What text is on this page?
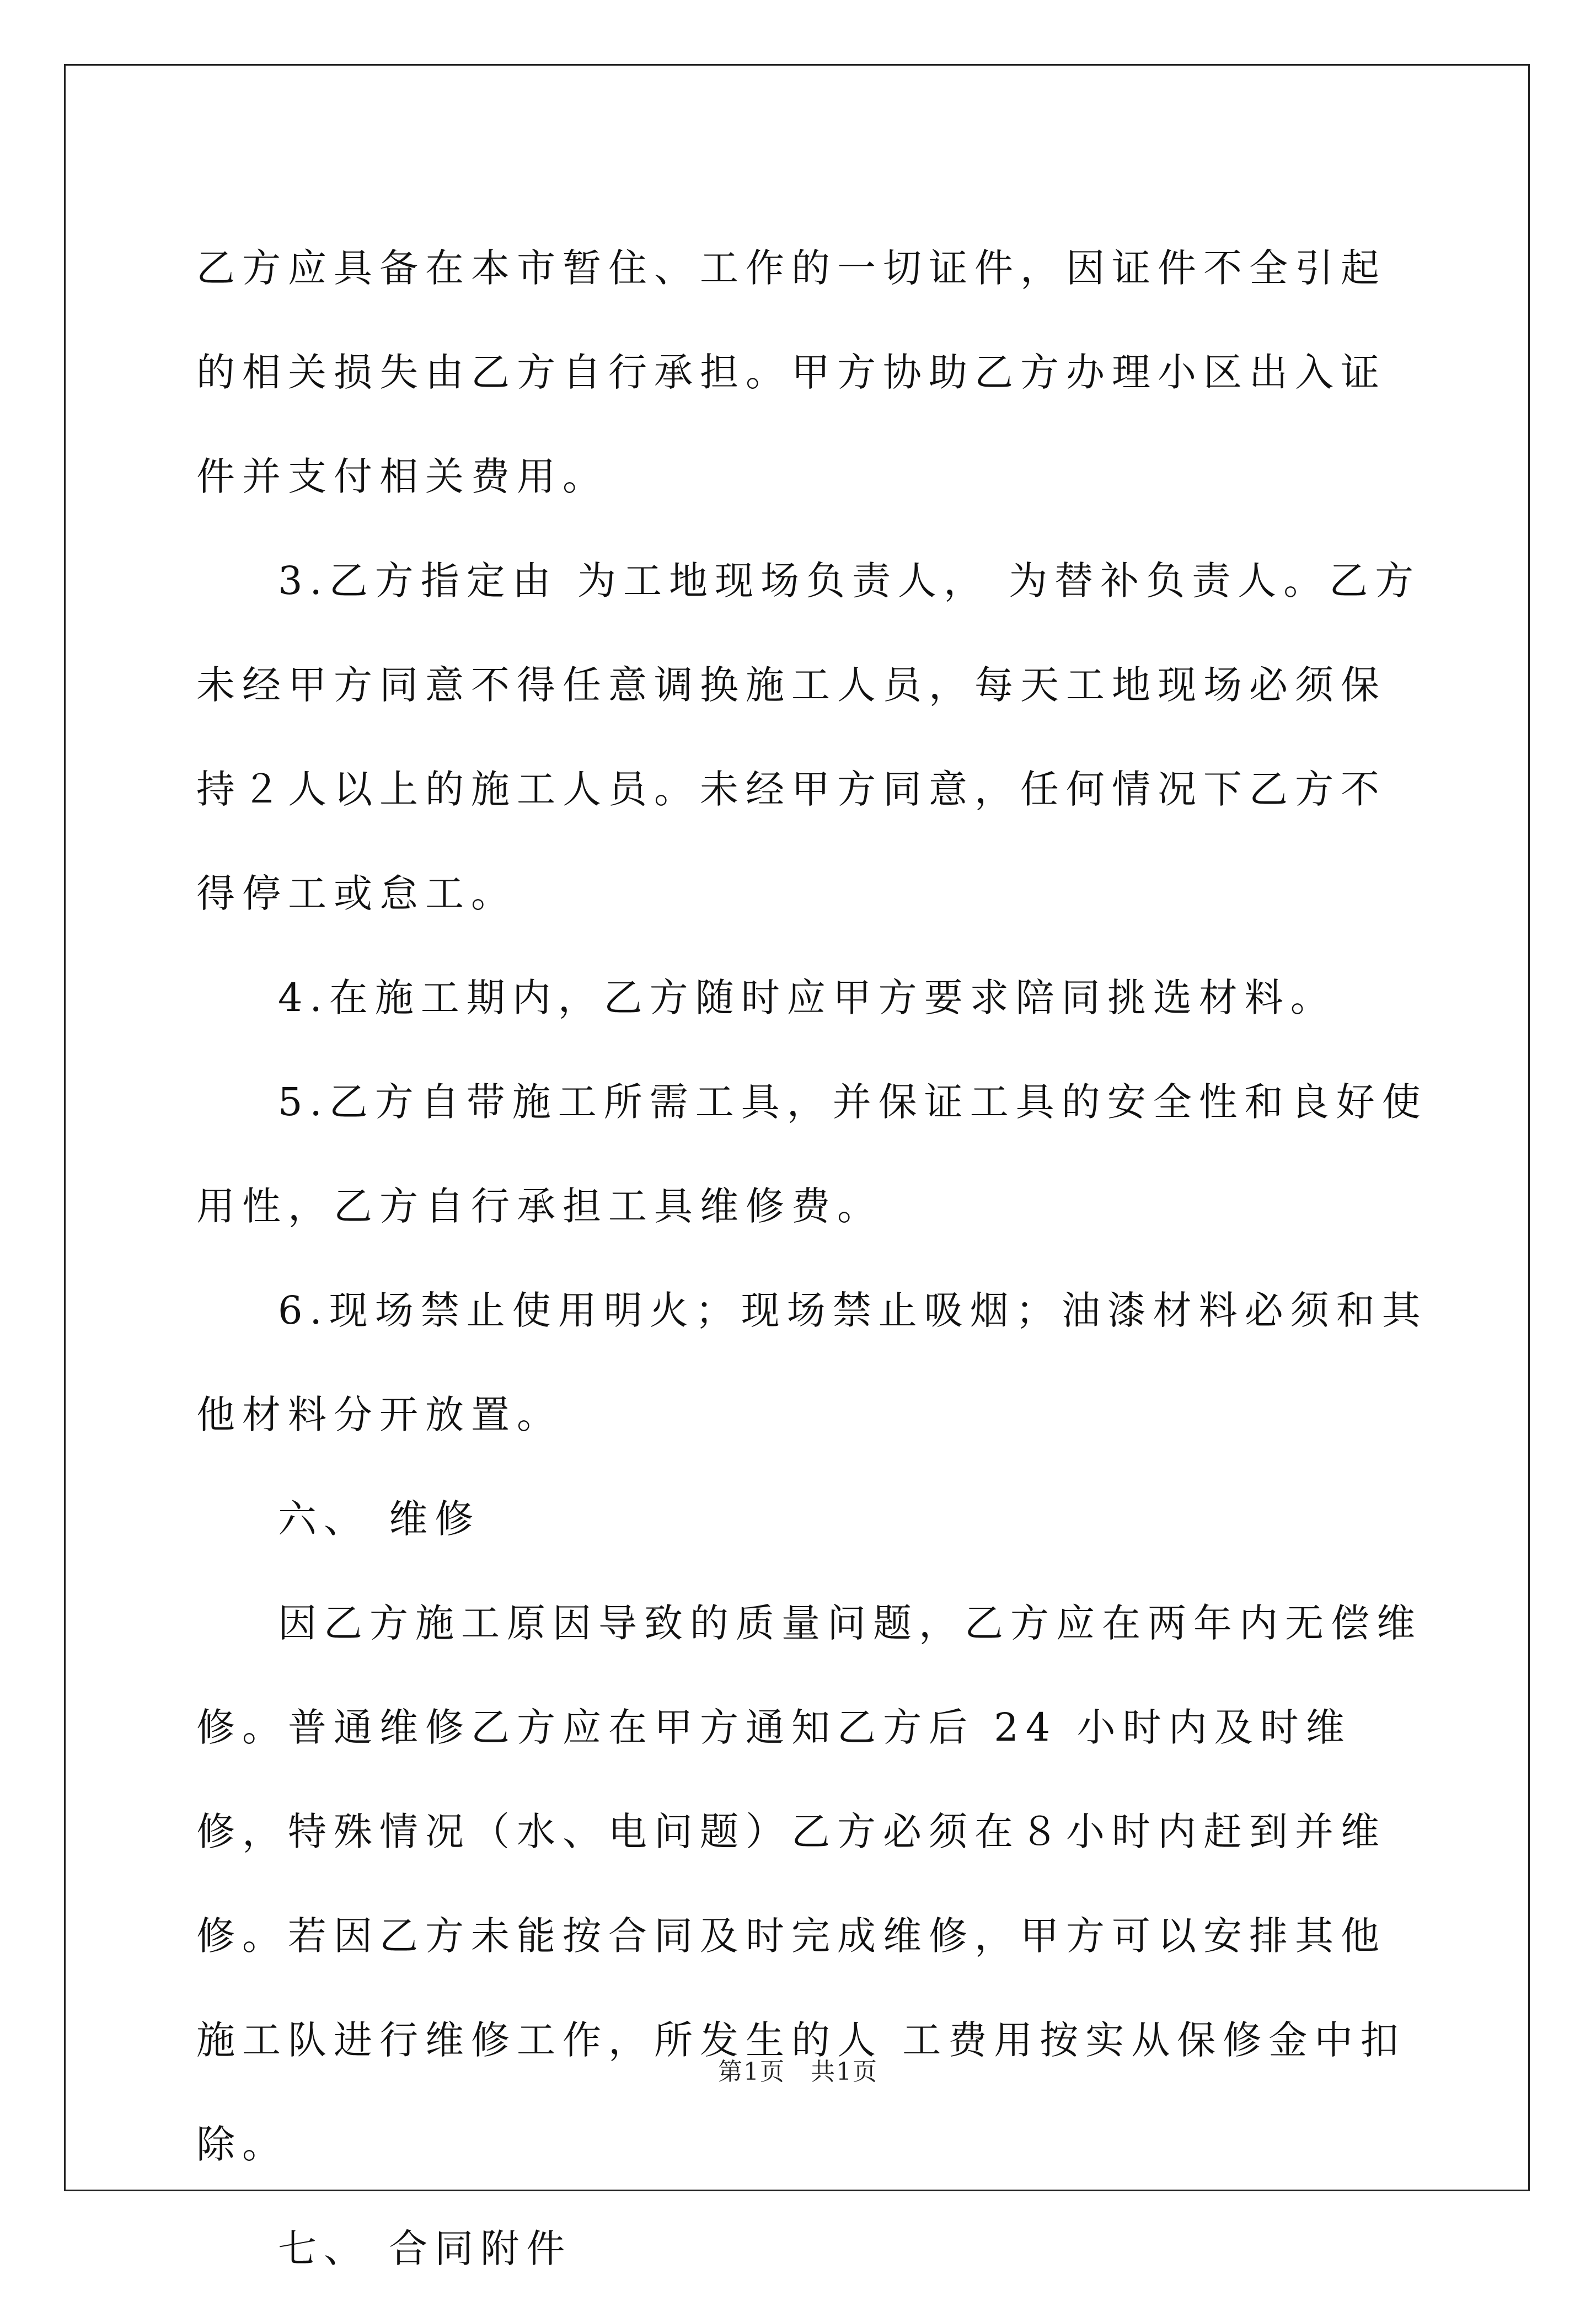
乙方应具备在本市暂住、工作的一切证件，因证件不全引起的相关损失由乙方自行承担。甲方协助乙方办理小区出入证件并支付相关费用。

3.乙方指定由 为工地现场负责人， 为替补负责人。乙方未经甲方同意不得任意调换施工人员，每天工地现场必须保持２人以上的施工人员。未经甲方同意，任何情况下乙方不得停工或怠工。

4.在施工期内，乙方随时应甲方要求陪同挑选材料。

5.乙方自带施工所需工具，并保证工具的安全性和良好使用性，乙方自行承担工具维修费。

6.现场禁止使用明火；现场禁止吸烟；油漆材料必须和其他材料分开放置。

六、 维修

因乙方施工原因导致的质量问题，乙方应在两年内无偿维修。普通维修乙方应在甲方通知乙方后 24 小时内及时维修，特殊情况（水、电问题）乙方必须在８小时内赶到并维修。若因乙方未能按合同及时完成维修，甲方可以安排其他施工队进行维修工作，所发生的人 工费用按实从保修金中扣除。

七、 合同附件

第1页　共1页
